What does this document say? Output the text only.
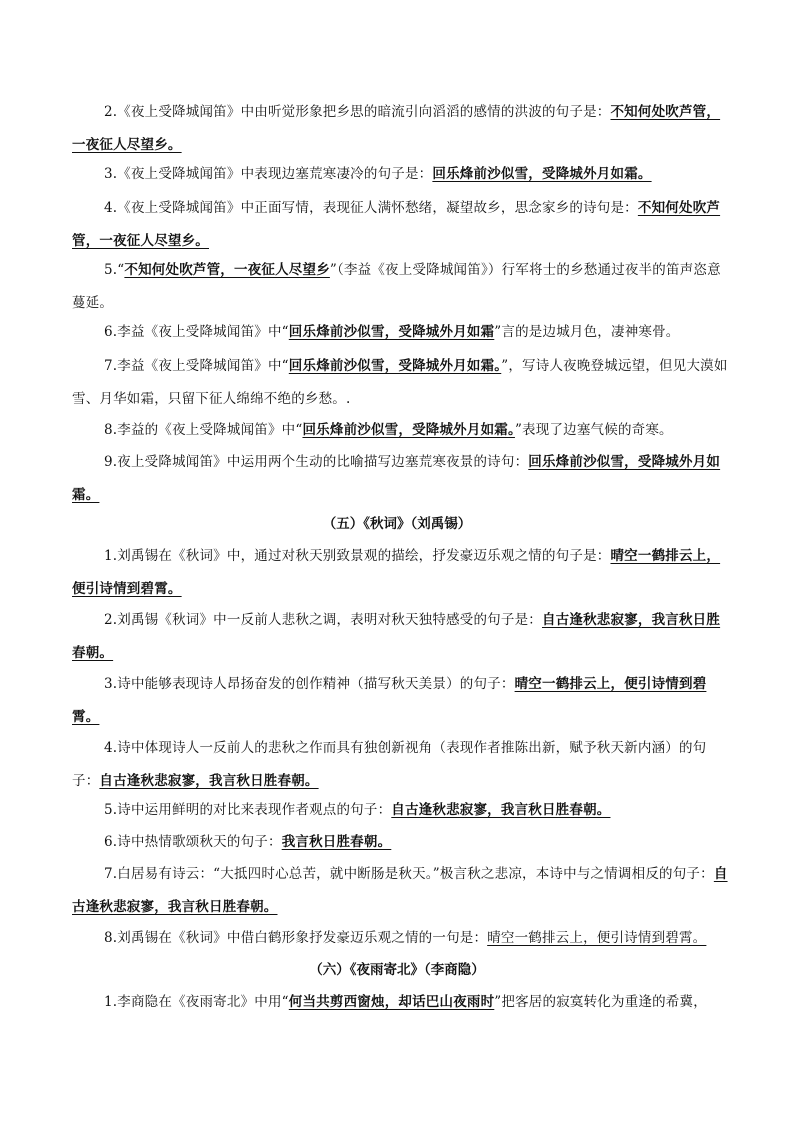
2.《夜上受降城闻笛》中由听觉形象把乡思的暗流引向滔滔的感情的洪波的句子是：不知何处吹芦管，一夜征人尽望乡。
3.《夜上受降城闻笛》中表现边塞荒寒凄冷的句子是：回乐烽前沙似雪，受降城外月如霜。
4.《夜上受降城闻笛》中正面写情，表现征人满怀愁绪，凝望故乡，思念家乡的诗句是：不知何处吹芦管，一夜征人尽望乡。
5.“不知何处吹芦管，一夜征人尽望乡”（李益《夜上受降城闻笛》）行军将士的乡愁通过夜半的笛声恣意蔓延。
6.李益《夜上受降城闻笛》中“回乐烽前沙似雪，受降城外月如霜”言的是边城月色，凄神寒骨。
7.李益《夜上受降城闻笛》中“回乐烽前沙似雪，受降城外月如霜。”，写诗人夜晚登城远望，但见大漠如雪、月华如霜，只留下征人绵绵不绝的乡愁。.
8.李益的《夜上受降城闻笛》中“回乐烽前沙似雪，受降城外月如霜。”表现了边塞气候的奇寒。
9.夜上受降城闻笛》中运用两个生动的比喻描写边塞荒寒夜景的诗句：回乐烽前沙似雪，受降城外月如霜。
（五）《秋词》（刘禹锡）
1.刘禹锡在《秋词》中，通过对秋天别致景观的描绘，抒发豪迈乐观之情的句子是：晴空一鹤排云上，便引诗情到碧霄。
2.刘禹锡《秋词》中一反前人悲秋之调，表明对秋天独特感受的句子是：自古逢秋悲寂寥，我言秋日胜春朝。
3.诗中能够表现诗人昂扬奋发的创作精神（描写秋天美景）的句子：晴空一鹤排云上，便引诗情到碧霄。
4.诗中体现诗人一反前人的悲秋之作而具有独创新视角（表现作者推陈出新，赋予秋天新内涵）的句子：自古逢秋悲寂寥，我言秋日胜春朝。
5.诗中运用鲜明的对比来表现作者观点的句子：自古逢秋悲寂寥，我言秋日胜春朝。
6.诗中热情歌颂秋天的句子：我言秋日胜春朝。
7.白居易有诗云：“大抵四时心总苦，就中断肠是秋天。”极言秋之悲凉，本诗中与之情调相反的句子：自古逢秋悲寂寥，我言秋日胜春朝。
8.刘禹锡在《秋词》中借白鹤形象抒发豪迈乐观之情的一句是：晴空一鹤排云上，便引诗情到碧霄。
（六）《夜雨寄北》（李商隐）
1.李商隐在《夜雨寄北》中用“何当共剪西窗烛，却话巴山夜雨时”把客居的寂寞转化为重逢的希冀，
